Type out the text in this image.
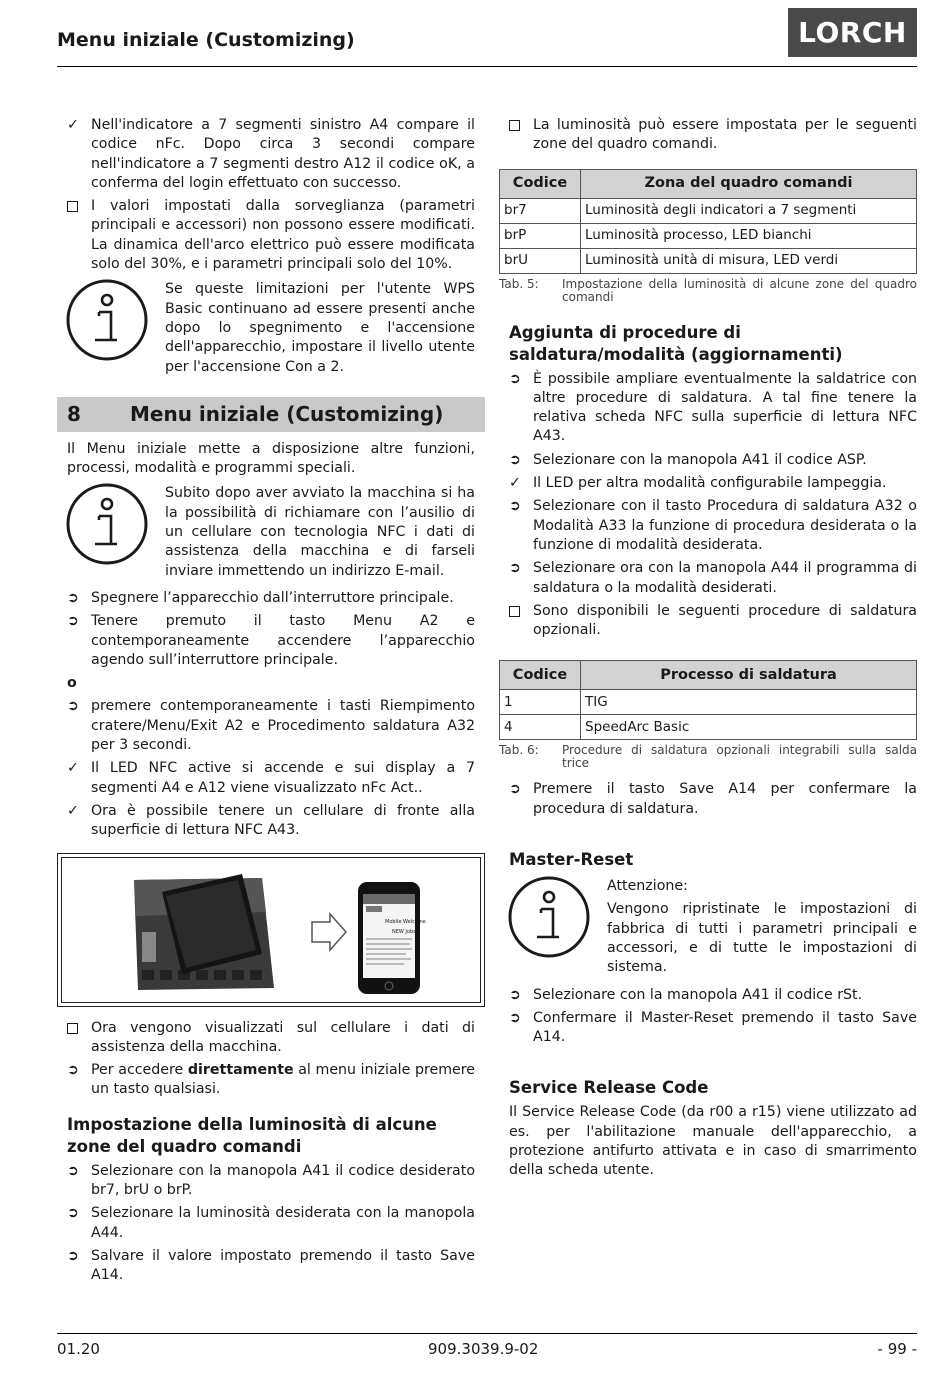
Menu iniziale (Customizing)	LORCH
✓ Nell'indicatore a 7 segmenti sinistro A4 compare il codice nFc. Dopo circa 3 secondi compare nell'indicatore a 7 segmenti destro A12 il codice oK, a conferma del login effettuato con successo.
I valori impostati dalla sorveglianza (parametri principali e accessori) non possono essere modificati. La dinamica dell'arco elettrico può essere modificata solo del 30%, e i parametri principali solo del 10%.
Se queste limitazioni per l'utente WPS Basic continuano ad essere presenti anche dopo lo spegnimento e l'accensione dell'apparecchio, impostare il livello utente per l'accensione Con a 2.
8	Menu iniziale (Customizing)
Il Menu iniziale mette a disposizione altre funzioni, processi, modalità e programmi speciali.
Subito dopo aver avviato la macchina si ha la possibilità di richiamare con l’ausilio di un cellulare con tecnologia NFC i dati di assistenza della macchina e di farseli inviare immettendo un indirizzo E-mail.
➲ Spegnere l’apparecchio dall’interruttore principale.
➲ Tenere premuto il tasto Menu A2 e contemporaneamente accendere l’apparecchio agendo sull’interruttore principale.
o
➲ premere contemporaneamente i tasti Riempimento cratere/Menu/Exit A2 e Procedimento saldatura A32 per 3 secondi.
✓ Il LED NFC active si accende e sui display a 7 segmenti A4 e A12 viene visualizzato nFc Act..
✓ Ora è possibile tenere un cellulare di fronte alla superficie di lettura NFC A43.
Mobile Welcome
NEW Jobs
Ora vengono visualizzati sul cellulare i dati di assistenza della macchina.
➲ Per accedere direttamente al menu iniziale premere un tasto qualsiasi.
Impostazione della luminosità di alcune zone del quadro comandi
➲ Selezionare con la manopola A41 il codice desiderato br7, brU o brP.
➲ Selezionare la luminosità desiderata con la manopola A44.
➲ Salvare il valore impostato premendo il tasto Save A14.
La luminosità può essere impostata per le seguenti zone del quadro comandi.
Codice	Zona del quadro comandi
br7	Luminosità degli indicatori a 7 segmenti
brP	Luminosità processo, LED bianchi
brU	Luminosità unità di misura, LED verdi
Tab. 5:	Impostazione della luminosità di alcune zone del quadro comandi
Aggiunta di procedure di saldatura/modalità (aggiornamenti)
➲ È possibile ampliare eventualmente la saldatrice con altre procedure di saldatura. A tal fine tenere la relativa scheda NFC sulla superficie di lettura NFC A43.
➲ Selezionare con la manopola A41 il codice ASP.
✓ Il LED per altra modalità configurabile lampeggia.
➲ Selezionare con il tasto Procedura di saldatura A32 o Modalità A33 la funzione di procedura desiderata o la funzione di modalità desiderata.
➲ Selezionare ora con la manopola A44 il programma di saldatura o la modalità desiderati.
Sono disponibili le seguenti procedure di saldatura opzionali.
Codice	Processo di saldatura
1	TIG
4	SpeedArc Basic
Tab. 6:	Procedure di saldatura opzionali integrabili sulla salda trice
➲ Premere il tasto Save A14 per confermare la procedura di saldatura.
Master-Reset
Attenzione:
Vengono ripristinate le impostazioni di fabbrica di tutti i parametri principali e accessori, e di tutte le impostazioni di sistema.
➲ Selezionare con la manopola A41 il codice rSt.
➲ Confermare il Master-Reset premendo il tasto Save A14.
Service Release Code
Il Service Release Code (da r00 a r15) viene utilizzato ad es. per l'abilitazione manuale dell'apparecchio, a protezione antifurto attivata e in caso di smarrimento della scheda utente.
01.20	909.3039.9-02	- 99 -
